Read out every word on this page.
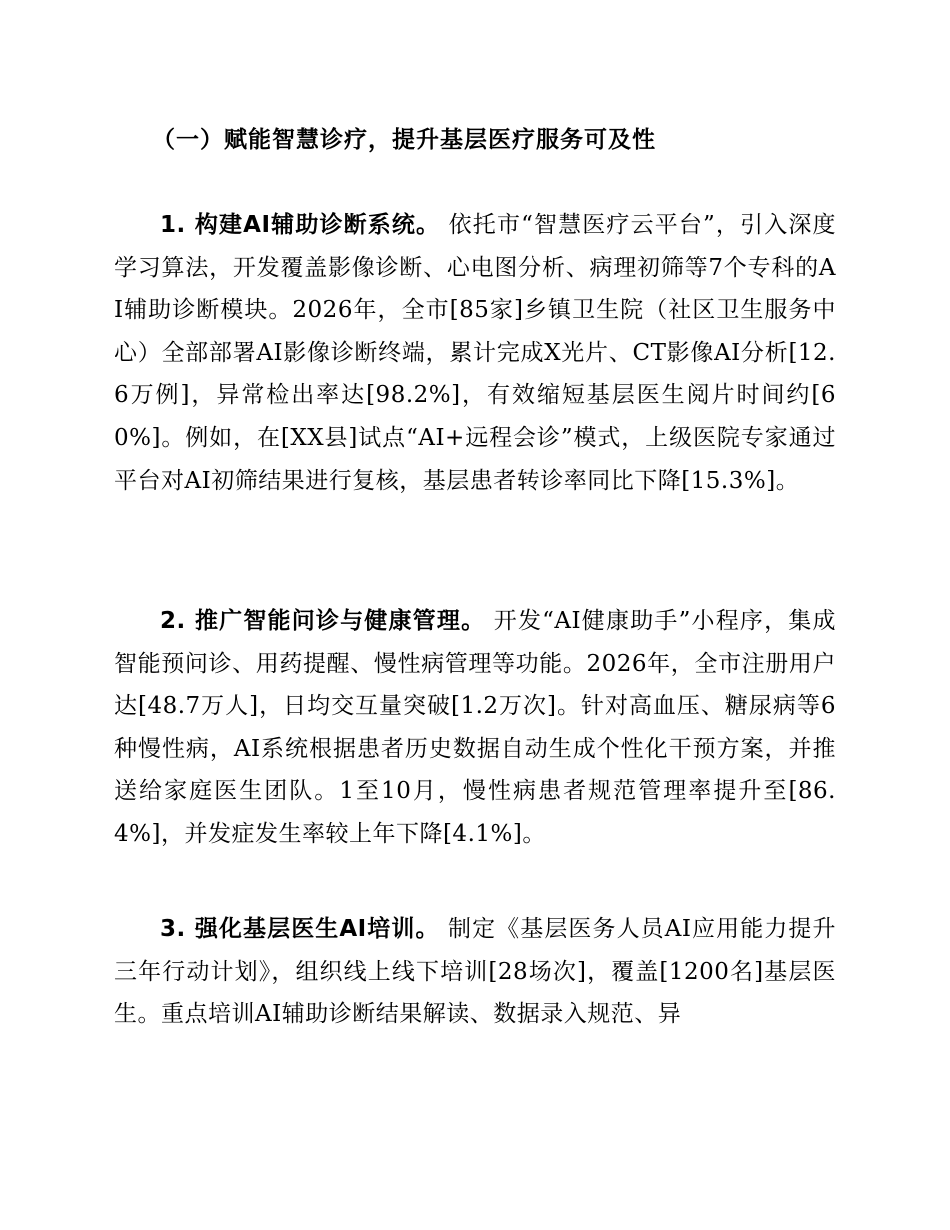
（一）赋能智慧诊疗，提升基层医疗服务可及性

1. 构建AI辅助诊断系统。 依托市“智慧医疗云平台”，引入深度学习算法，开发覆盖影像诊断、心电图分析、病理初筛等7个专科的AI辅助诊断模块。2026年，全市[85家]乡镇卫生院（社区卫生服务中心）全部部署AI影像诊断终端，累计完成X光片、CT影像AI分析[12.6万例]，异常检出率达[98.2%]，有效缩短基层医生阅片时间约[60%]。例如，在[XX县]试点“AI+远程会诊”模式，上级医院专家通过平台对AI初筛结果进行复核，基层患者转诊率同比下降[15.3%]。

2. 推广智能问诊与健康管理。 开发“AI健康助手”小程序，集成智能预问诊、用药提醒、慢性病管理等功能。2026年，全市注册用户达[48.7万人]，日均交互量突破[1.2万次]。针对高血压、糖尿病等6种慢性病，AI系统根据患者历史数据自动生成个性化干预方案，并推送给家庭医生团队。1至10月，慢性病患者规范管理率提升至[86.4%]，并发症发生率较上年下降[4.1%]。

3. 强化基层医生AI培训。 制定《基层医务人员AI应用能力提升三年行动计划》，组织线上线下培训[28场次]，覆盖[1200名]基层医生。重点培训AI辅助诊断结果解读、数据录入规范、异
